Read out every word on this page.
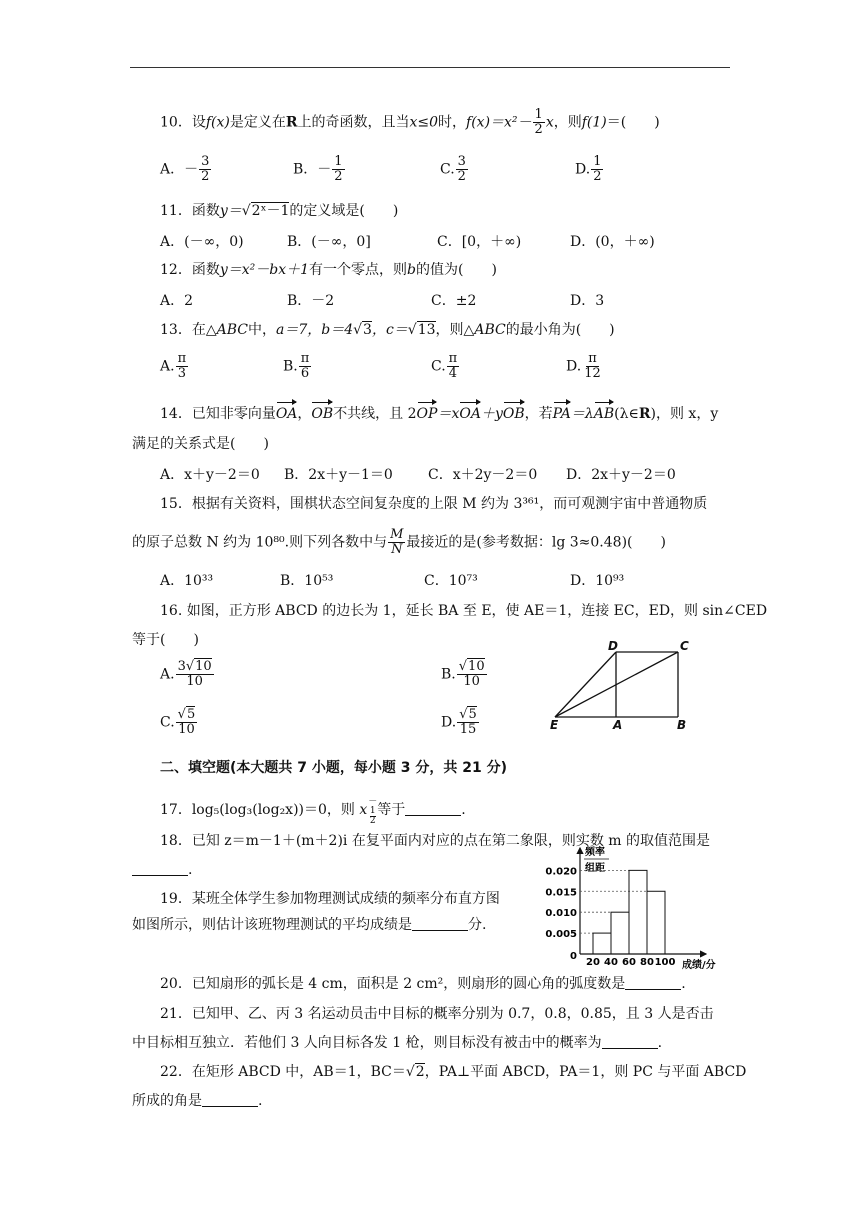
10．设f(x)是定义在R上的奇函数，且当x≤0时，$f(x)=x^2- \frac{1}{2}$ x，则f(1)＝(　　)
A．－ $\frac{3}{2}$	B．－ $\frac{1}{2}$	C. $\frac{3}{2}$	D. $\frac{1}{2}$
11．函数y＝√2ˣ－1的定义域是(　　)
A．(－∞，0)	B．(－∞，0]	C．[0，＋∞)	D．(0，＋∞)
12．函数y＝x²－bx＋1有一个零点，则b的值为(　　)
A．2	B．－2	C．±2	D．3
13．在△ABC中，a＝7，b＝4√3，c＝√13，则△ABC的最小角为(　　)
A. $\frac{\pi}{3}$	B. $\frac{\pi}{6}$	C. $\frac{\pi}{4}$	D. $\frac{\pi}{12}$
14．已知非零向量OA，OB不共线，且 2OP＝xOA＋yOB，若PA＝λAB(λ∈R)，则 x，y
满足的关系式是(　　)
A．x＋y－2＝0 B．2x＋y－1＝0	C．x＋2y－2＝0 D．2x＋y－2＝0
15．根据有关资料，围棋状态空间复杂度的上限 M 约为 3³⁶¹，而可观测宇宙中普通物质
的原子总数 N 约为 10⁸⁰.则下列各数中与 $\frac{M}{N}$ 最接近的是(参考数据：lg 3≈0.48)(　　)
A．10³³	B．10⁵³	C．10⁷³	D．10⁹³
16. 如图，正方形 ABCD 的边长为 1，延长 BA 至 E，使 AE＝1，连接 EC，ED，则 sin∠CED
等于(　　)
A. $\frac{3√10}{10}$	B. $\frac{√10}{10}$
C. $\frac{√5}{10}$	D. $\frac{√5}{15}$
D	C
E	A	B
二、填空题(本大题共 7 小题，每小题 3 分，共 21 分)
17．log₅(log₃(log₂x))＝0，则 x－
1
2
等于	.
18．已知 z＝m－1＋(m＋2)i 在复平面内对应的点在第二象限，则实数 m 的取值范围是
.
19．某班全体学生参加物理测试成绩的频率分布直方图
如图所示，则估计该班物理测试的平均成绩是	分.
频率
组距
成绩/分
0
0.020
0.015
0.010
0.005
20 40 60 80 100
20．已知扇形的弧长是 4 cm，面积是 2 cm²，则扇形的圆心角的弧度数是	.
21．已知甲、乙、丙 3 名运动员击中目标的概率分别为 0.7，0.8，0.85，且 3 人是否击
中目标相互独立．若他们 3 人向目标各发 1 枪，则目标没有被击中的概率为	.
22．在矩形 ABCD 中，AB＝1，BC＝√2，PA⊥平面 ABCD，PA＝1，则 PC 与平面 ABCD
所成的角是	.
